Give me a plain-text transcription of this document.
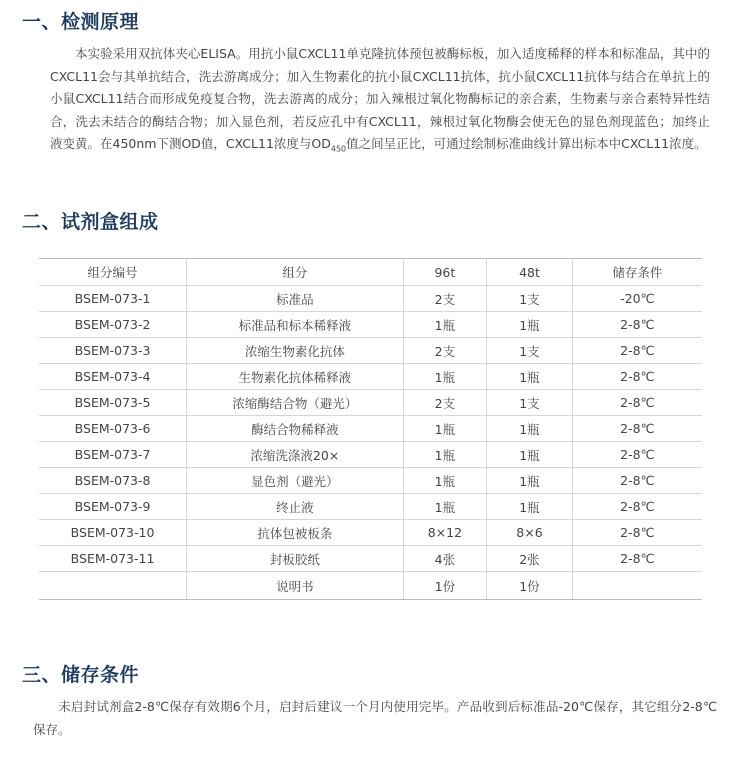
一、检测原理

本实验采用双抗体夹心ELISA。用抗小鼠CXCL11单克隆抗体预包被酶标板，加入适度稀释的样本和标准品，其中的CXCL11会与其单抗结合，洗去游离成分；加入生物素化的抗小鼠CXCL11抗体，抗小鼠CXCL11抗体与结合在单抗上的小鼠CXCL11结合而形成免疫复合物，洗去游离的成分；加入辣根过氧化物酶标记的亲合素，生物素与亲合素特异性结合，洗去未结合的酶结合物；加入显色剂，若反应孔中有CXCL11，辣根过氧化物酶会使无色的显色剂现蓝色；加终止液变黄。在450nm下测OD值，CXCL11浓度与$OD_{450}$值之间呈正比，可通过绘制标准曲线计算出标本中CXCL11浓度。

二、试剂盒组成
组分编号	组分	96t	48t	储存条件
BSEM-073-1	标准品	2支	1支	-20℃
BSEM-073-2	标准品和标本稀释液	1瓶	1瓶	2-8℃
BSEM-073-3	浓缩生物素化抗体	2支	1支	2-8℃
BSEM-073-4	生物素化抗体稀释液	1瓶	1瓶	2-8℃
BSEM-073-5	浓缩酶结合物（避光）	2支	1支	2-8℃
BSEM-073-6	酶结合物稀释液	1瓶	1瓶	2-8℃
BSEM-073-7	浓缩洗涤液20×	1瓶	1瓶	2-8℃
BSEM-073-8	显色剂（避光）	1瓶	1瓶	2-8℃
BSEM-073-9	终止液	1瓶	1瓶	2-8℃
BSEM-073-10	抗体包被板条	8×12	8×6	2-8℃
BSEM-073-11	封板胶纸	4张	2张	2-8℃
	说明书	1份	1份	
三、储存条件

未启封试剂盒2-8℃保存有效期6个月，启封后建议一个月内使用完毕。产品收到后标准品-20℃保存，其它组分2-8℃保存。
